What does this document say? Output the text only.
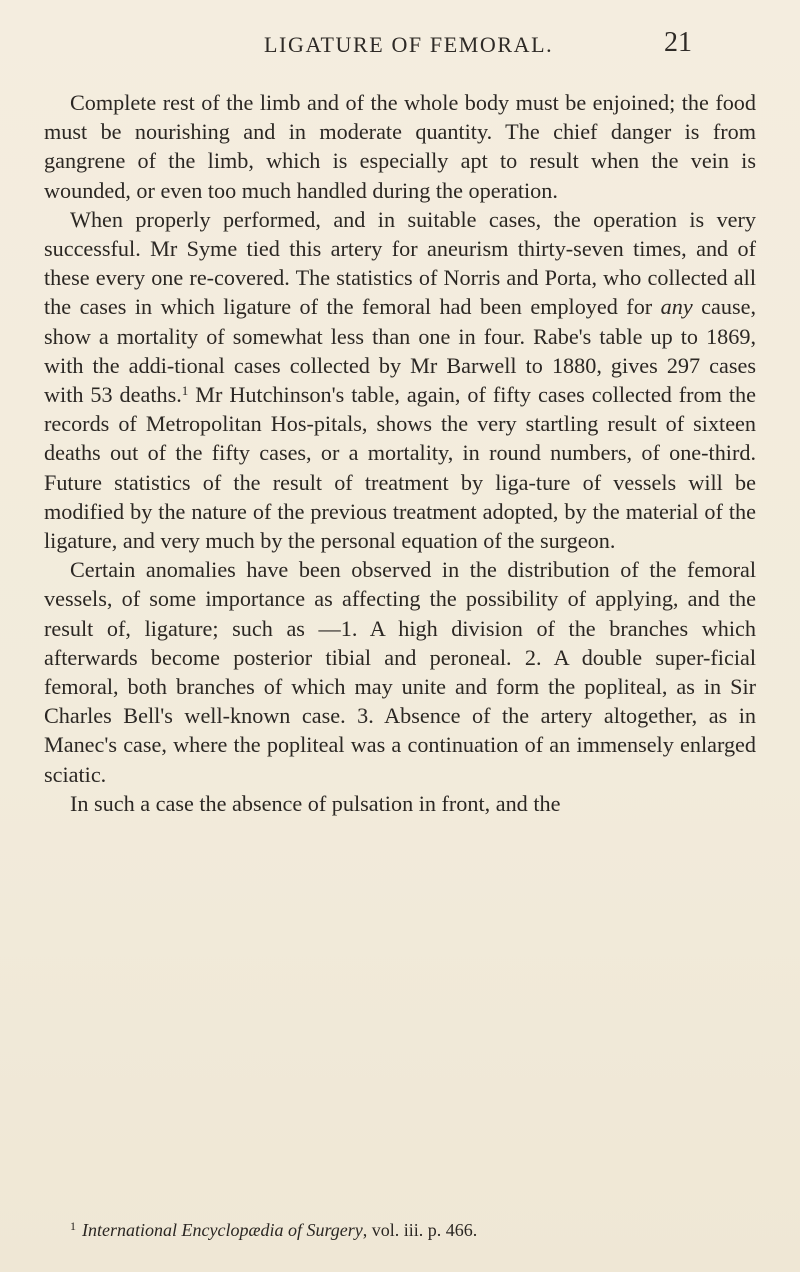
LIGATURE OF FEMORAL.	21

Complete rest of the limb and of the whole body must be enjoined; the food must be nourishing and in moderate quantity. The chief danger is from gangrene of the limb, which is especially apt to result when the vein is wounded, or even too much handled during the operation.

When properly performed, and in suitable cases, the operation is very successful. Mr Syme tied this artery for aneurism thirty-seven times, and of these every one re-covered. The statistics of Norris and Porta, who collected all the cases in which ligature of the femoral had been employed for any cause, show a mortality of somewhat less than one in four. Rabe's table up to 1869, with the addi-tional cases collected by Mr Barwell to 1880, gives 297 cases with 53 deaths.$^1$ Mr Hutchinson's table, again, of fifty cases collected from the records of Metropolitan Hos-pitals, shows the very startling result of sixteen deaths out of the fifty cases, or a mortality, in round numbers, of one-third. Future statistics of the result of treatment by liga-ture of vessels will be modified by the nature of the previous treatment adopted, by the material of the ligature, and very much by the personal equation of the surgeon.

Certain anomalies have been observed in the distribution of the femoral vessels, of some importance as affecting the possibility of applying, and the result of, ligature; such as —1. A high division of the branches which afterwards become posterior tibial and peroneal. 2. A double super-ficial femoral, both branches of which may unite and form the popliteal, as in Sir Charles Bell's well-known case. 3. Absence of the artery altogether, as in Manec's case, where the popliteal was a continuation of an immensely enlarged sciatic.

In such a case the absence of pulsation in front, and the

$^1$ International Encyclopædia of Surgery, vol. iii. p. 466.
